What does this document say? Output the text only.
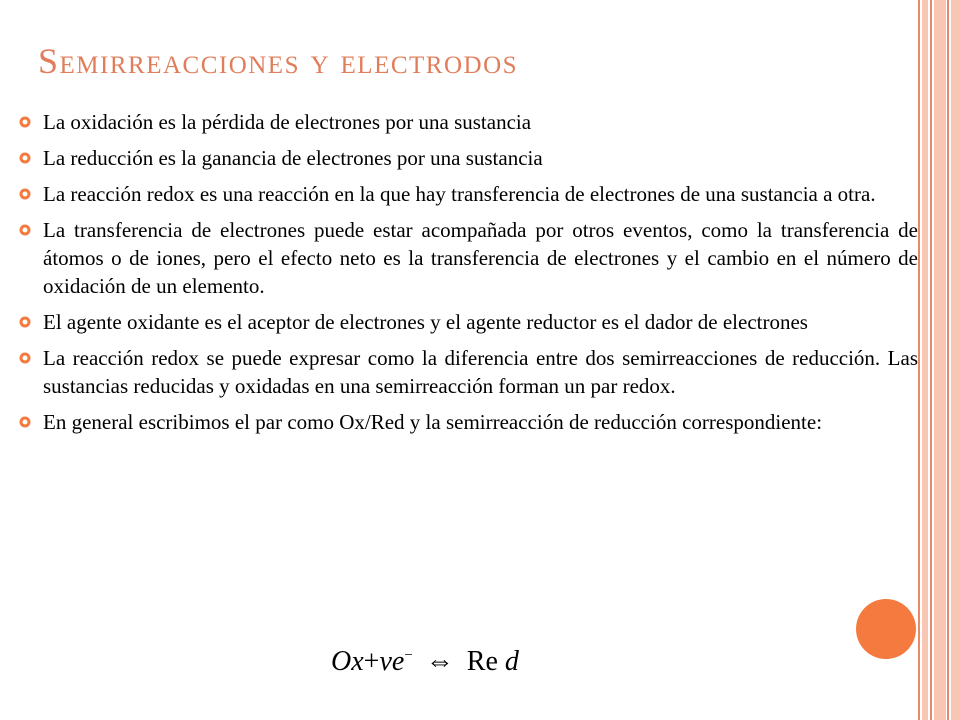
Semirreacciones y electrodos
La oxidación es la pérdida de electrones por una sustancia
La reducción es la ganancia de electrones por una sustancia
La reacción redox es una reacción en la que hay transferencia de electrones de una sustancia a otra.
La transferencia de electrones puede estar acompañada por otros eventos, como la transferencia de átomos o de iones, pero el efecto neto es la transferencia de electrones y el cambio en el número de oxidación de un elemento.
El agente oxidante es el aceptor de electrones y el agente reductor es el dador de electrones
La reacción redox se puede expresar como la diferencia entre dos semirreacciones de reducción. Las sustancias reducidas y oxidadas en una semirreacción forman un par redox.
En general escribimos el par como Ox/Red y la semirreacción de reducción correspondiente:
Ox+ve− ⇔ Re d
